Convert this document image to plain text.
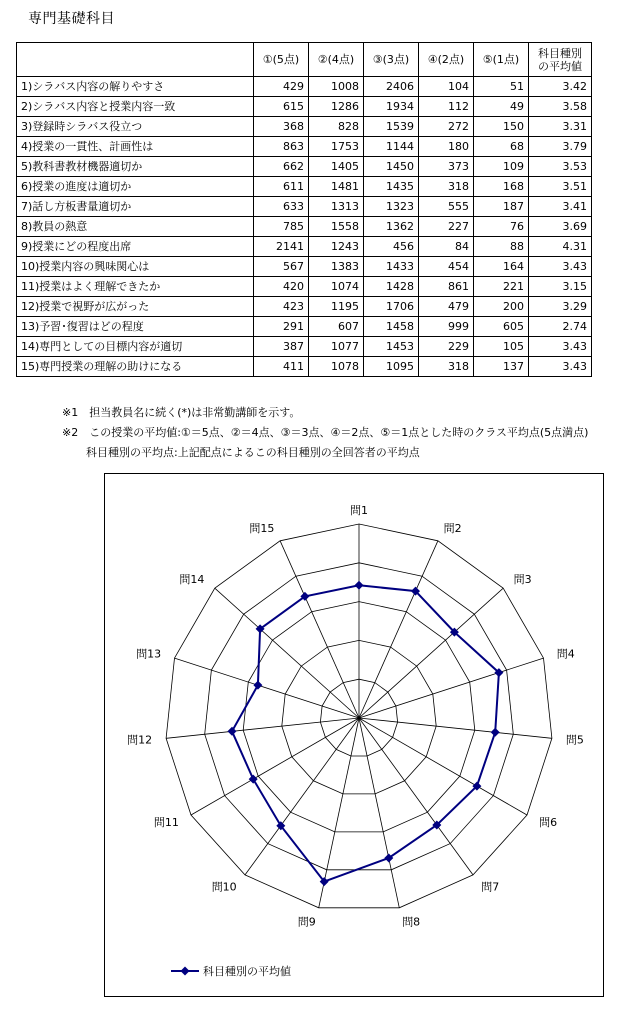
専門基礎科目
	①(5点)	②(4点)	③(3点)	④(2点)	⑤(1点)	科目種別
の平均値

1)シラバス内容の解りやすさ	429	1008	2406	104	51	3.42
2)シラバス内容と授業内容一致	615	1286	1934	112	49	3.58
3)登録時シラバス役立つ	368	828	1539	272	150	3.31
4)授業の一貫性、計画性は	863	1753	1144	180	68	3.79
5)教科書教材機器適切か	662	1405	1450	373	109	3.53
6)授業の進度は適切か	611	1481	1435	318	168	3.51
7)話し方板書量適切か	633	1313	1323	555	187	3.41
8)教員の熱意	785	1558	1362	227	76	3.69
9)授業にどの程度出席	2141	1243	456	84	88	4.31
10)授業内容の興味関心は	567	1383	1433	454	164	3.43
11)授業はよく理解できたか	420	1074	1428	861	221	3.15
12)授業で視野が広がった	423	1195	1706	479	200	3.29
13)予習･復習はどの程度	291	607	1458	999	605	2.74
14)専門としての目標内容が適切	387	1077	1453	229	105	3.43
15)専門授業の理解の助けになる	411	1078	1095	318	137	3.43
※1　担当教員名に続く(*)は非常勤講師を示す。
※2　この授業の平均値:①＝5点、②＝4点、③＝3点、④＝2点、⑤＝1点とした時のクラス平均点(5点満点)
科目種別の平均点:上記配点によるこの科目種別の全回答者の平均点
問1
問2
問3
問4
問5
問6
問7
問8
問9
問10
問11
問12
問13
問14
問15
科目種別の平均値
